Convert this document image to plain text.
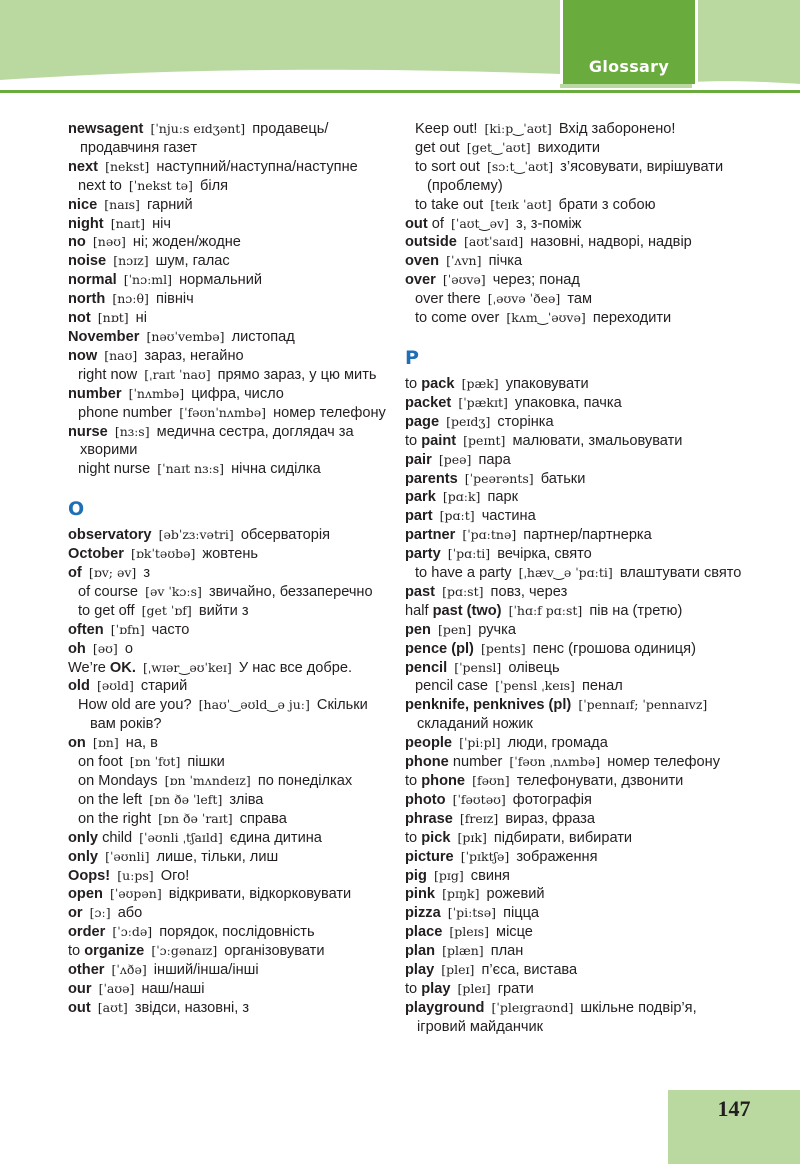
Glossary
newsagent [ˈnjuːs eɪdʒənt] продавець/ продавчиня газет
next [nekst] наступний/наступна/наступне
next to [ˈnekst tə] біля
nice [naɪs] гарний
night [naɪt] ніч
no [nəʊ] ні; жоден/жодне
noise [nɔɪz] шум, галас
normal [ˈnɔːml] нормальний
north [nɔːθ] північ
not [nɒt] ні
November [nəʊˈvembə] листопад
now [naʊ] зараз, негайно
right now [ˌraɪt ˈnaʊ] прямо зараз, у цю мить
number [ˈnʌmbə] цифра, число
phone number [ˈfəʊnˈnʌmbə] номер телефону
nurse [nɜːs] медична сестра, доглядач за хворими
night nurse [ˈnaɪt nɜːs] нічна сиділка
O
observatory [əbˈzɜːvətri] обсерваторія
October [ɒkˈtəʊbə] жовтень
of [ɒv; əv] з
of course [əv ˈkɔːs] звичайно, беззаперечно
to get off [get ˈɒf] вийти з
often [ˈɒfn] часто
oh [əʊ] о
We’re OK. [ˌwɪər‿əʊˈkeɪ] У нас все добре.
old [əʊld] старий
How old are you? [haʊˈ‿əʊld‿ə juː] Скільки вам років?
on [ɒn] на, в
on foot [ɒn ˈfʊt] пішки
on Mondays [ɒn ˈmʌndeɪz] по понеділках
on the left [ɒn ðə ˈleft] зліва
on the right [ɒn ðə ˈraɪt] справа
only child [ˈəʊnli ˌtʃaɪld] єдина дитина
only [ˈəʊnli] лише, тільки, лиш
Oops! [uːps] Ого!
open [ˈəʊpən] відкривати, відкорковувати
or [ɔː] або
order [ˈɔːdə] порядок, послідовність
to organize [ˈɔːgənaɪz] організовувати
other [ˈʌðə] інший/інша/інші
our [ˈaʊə] наш/наші
out [aʊt] звідси, назовні, з
Keep out! [kiːp‿ˈaʊt] Вхід заборонено!
get out [get‿ˈaʊt] виходити
to sort out [sɔːt‿ˈaʊt] з’ясовувати, вирішувати (проблему)
to take out [teɪk ˈaʊt] брати з собою
out of [ˈaʊt‿əv] з, з-поміж
outside [aʊtˈsaɪd] назовні, надворі, надвір
oven [ˈʌvn] пічка
over [ˈəʊvə] через; понад
over there [ˌəʊvə ˈðeə] там
to come over [kʌm‿ˈəʊvə] переходити
P
to pack [pæk] упаковувати
packet [ˈpækɪt] упаковка, пачка
page [peɪdʒ] сторінка
to paint [peɪnt] малювати, змальовувати
pair [peə] пара
parents [ˈpeərənts] батьки
park [pɑːk] парк
part [pɑːt] частина
partner [ˈpɑːtnə] партнер/партнерка
party [ˈpɑːti] вечірка, свято
to have a party [ˌhæv‿ə ˈpɑːti] влаштувати свято
past [pɑːst] повз, через
half past (two) [ˈhɑːf pɑːst] пів на (третю)
pen [pen] ручка
pence (pl) [pents] пенс (грошова одиниця)
pencil [ˈpensl] олівець
pencil case [ˈpensl ˌkeɪs] пенал
penknife, penknives (pl) [ˈpennaɪf; ˈpennaɪvz] складаний ножик
people [ˈpiːpl] люди, громада
phone number [ˈfəʊn ˌnʌmbə] номер телефону
to phone [fəʊn] телефонувати, дзвонити
photo [ˈfəʊtəʊ] фотографія
phrase [freɪz] вираз, фраза
to pick [pɪk] підбирати, вибирати
picture [ˈpɪktʃə] зображення
pig [pɪg] свиня
pink [pɪŋk] рожевий
pizza [ˈpiːtsə] піцца
place [pleɪs] місце
plan [plæn] план
play [pleɪ] п’єса, вистава
to play [pleɪ] грати
playground [ˈpleɪgraʊnd] шкільне подвір’я, ігровий майданчик
147
